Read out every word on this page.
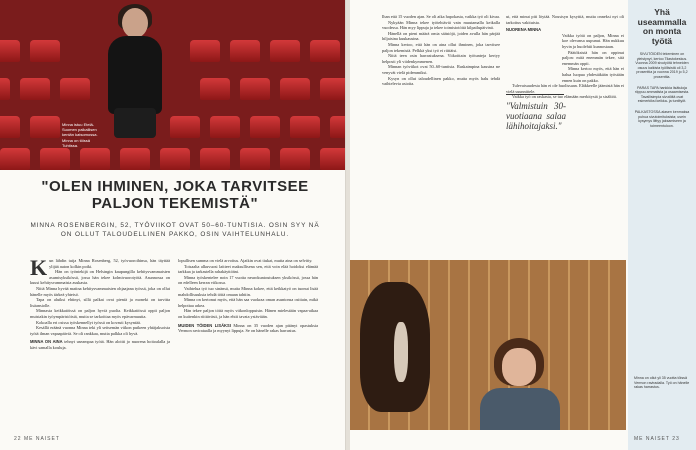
Minna istuu Etelä-Suomen paikallisen kentän katsomossa. Minna on töissä Tuhtissa.
"OLEN IHMINEN, JOKA TARVITSEE PALJON TEKEMISTÄ"
MINNA ROSENBERGIN, 52, TYÖVIIKOT OVAT 50–60-TUNTISIA. OSIN SYY NÄ ON OLLUT TALOUDELLINEN PAKKO, OSIN VAIHTELUNHALU.
K un lähdin tuija Minna Rosenberg, 52, työvuoroihinsa, hän täyttää ylijää auton kolkin poiki.

Hän on työntekijä on Helsingin kaupungilla kehitysvammaisten asumisyksikössä, jossa hän tekee kolmivuorotyötä. Asunnossa on kuusi kehitysvammaista asukasta.

Niitä Minna hyvää matina kehitysvammaisten ohjaajana työssä, joka on ollut hänelle myös tärkeä yhteisö.

Tapa on aluiksi ehtinyt, sillä palkat ovat pieniä ja moneki on tarvitta lisäansiolle.

Minnasta keikkatöissä on paljon hyviä puolia. Keikkatöissä oppii paljon muistakin työympäristöistä, mutta se tarkoittaa myös epävarmuutta.

Kokoalla eri osissa työskennellyt työssä on kovasti kysyntää.

Kesällä eräänä vuonna Minna teki yli seitsemän viikon putkeen yhtäjaksoista työtä ilman vapaapäiviä. Se oli rankkaa, mutta palkka oli hyvä.

MINNA ON AINA tehnyt useampaa työtä. Hän aloitti jo nuorena hoitoalalla ja kävi samalla kouluja.

lopullisen summa on vielä arvoitus. Ajatkin ovat tiukat, mutta aina on selvitty.

Toisaalta alkuvuosi laitteet maksullisena sen, että voin elää hoidoksi elämää tarkkaa ja tarkastella rahakäyttöäni.

Minna työskentelee noin 17 vuotta neurokuntoutuksen yksikössä, jossa hän on edelleen kerran viikossa.

Vaihtelua työ tuo sinänsä, mutta Minna kokee, että keikkatyö on tuonut lisää mahdollisuuksia tehdä töitä omaan tahtiin.

Minna on kertonut myös, että hän saa vuokraa oman asuntonsa osittain, mikä helpottaa arkea.

Hän tekee paljon töitä myös viikonloppuisin. Hänen mielestään vapaa-aikaa on kuitenkin riittävästi, ja hän ehtii tavata ystäviään.

MUIDEN TÖIDEN LISÄKSI Minna on 35 vuoden ajan pitänyt opastuksia Vermon ravirataalla ja myynyt lippuja. Se on hänelle rakas harrastus.

22 ME NAISET

Ihan että 15 vuoden ajan. Se oli aika hapokasta, vaikka työ oli kivaa.

Nykyään Minna tekee työtehtäviä vain muutamalla keikalla vuodessa. Hän myy lippuja ja tekee toimistotöitä kilpailupäivinä.

Hänellä on pieni määrä omia säästöjä, joiden avulla hän pärjää hiljaisina kuukausina.

Minna kertoo, että hän on aina ollut ihminen, joka tarvitsee paljon tekemistä. Pelkkä yksi työ ei riittäisi.

Niitä teen osin harrastuksena. Viikoittain työtunteja kertyy helposti yli viidenkymmenen.

Minnan työviikot ovat 50–60-tuntisia. Raskaimpina kausina ne venyvät vielä pidemmiksi.

Kysyn on ollut taloudellinen pakko, mutta myös halu tehdä vaihtelevia asioita.

ut, että minut piti löytää. Nousisyn kysyttiä, mutta onneksi nyt oli tarkoitus vakituista.

NUORENA MINNA

Vaikka työtä on paljon, Minna ei koe olevansa uupunut. Hän nukkuu hyvin ja huolehtii kunnostaan.

Päätöksistä hän on oppinut paljon: mitä enemmän tekee, sitä enemmän oppii.

Minna kertoo myös, että hän ei halua luopua yhdestäkään työstään ennen kuin on pakko.

Tulevaisuudesta hän ei ole huolissaan. Eläkkeelle jäämistä hän ei vielä suunnittele.

Vaikka työ on raskasta, se tuo elämään merkitystä ja sisältöä.

"Valmistuin 30-vuotiaana salaa lähihoitajaksi."
Yhä useammalla on monta työtä
SIVUTÖIDEN tekeminen on yleistynyt, kertoo Tilastokeskus. Vuonna 2009 sivutyötä tehneiden osuus kaikista työllisistä oli 3,2 prosenttia ja vuonna 2019 jo 5,2 prosenttia.
PARAS TAPA hankkia lisätuloja riippuu ammatista ja osaamisesta. Tavallisimpia sivutöitä ovat esimerkiksi keikka- ja tuntityöt.
PALKASTOSSA alasen kenmaksa puhua sivutoimituksista; usein kysymys liittyy jaksamiseen ja toimeentuloon.
Minna on ollut yli 35 vuotta töissä Vermon raviradalla. Työ on hänelle rakas harrastus.
ME NAISET 23
